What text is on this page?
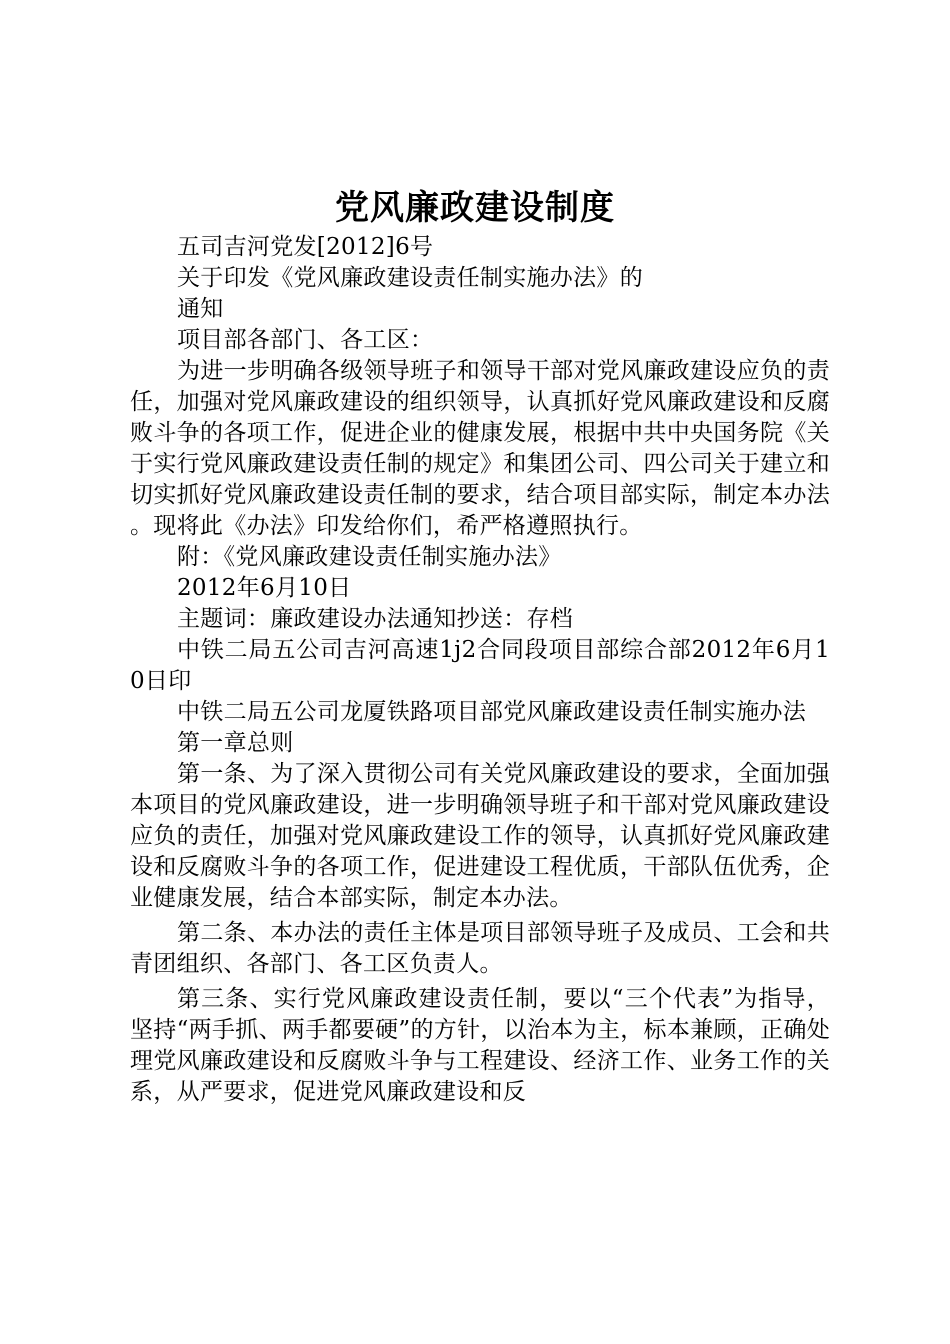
党风廉政建设制度

五司吉河党发[2012]6号

关于印发《党风廉政建设责任制实施办法》的

通知

项目部各部门、各工区：

为进一步明确各级领导班子和领导干部对党风廉政建设应负的责任，加强对党风廉政建设的组织领导，认真抓好党风廉政建设和反腐败斗争的各项工作，促进企业的健康发展，根据中共中央国务院《关于实行党风廉政建设责任制的规定》和集团公司、四公司关于建立和切实抓好党风廉政建设责任制的要求，结合项目部实际，制定本办法。现将此《办法》印发给你们，希严格遵照执行。

附：《党风廉政建设责任制实施办法》

2012年6月10日

主题词：廉政建设办法通知抄送：存档

中铁二局五公司吉河高速1j2合同段项目部综合部2012年6月10日印

中铁二局五公司龙厦铁路项目部党风廉政建设责任制实施办法

第一章总则

第一条、为了深入贯彻公司有关党风廉政建设的要求，全面加强本项目的党风廉政建设，进一步明确领导班子和干部对党风廉政建设应负的责任，加强对党风廉政建设工作的领导，认真抓好党风廉政建设和反腐败斗争的各项工作，促进建设工程优质，干部队伍优秀，企业健康发展，结合本部实际，制定本办法。

第二条、本办法的责任主体是项目部领导班子及成员、工会和共青团组织、各部门、各工区负责人。

第三条、实行党风廉政建设责任制，要以“三个代表”为指导，坚持“两手抓、两手都要硬”的方针，以治本为主，标本兼顾，正确处理党风廉政建设和反腐败斗争与工程建设、经济工作、业务工作的关系，从严要求，促进党风廉政建设和反
